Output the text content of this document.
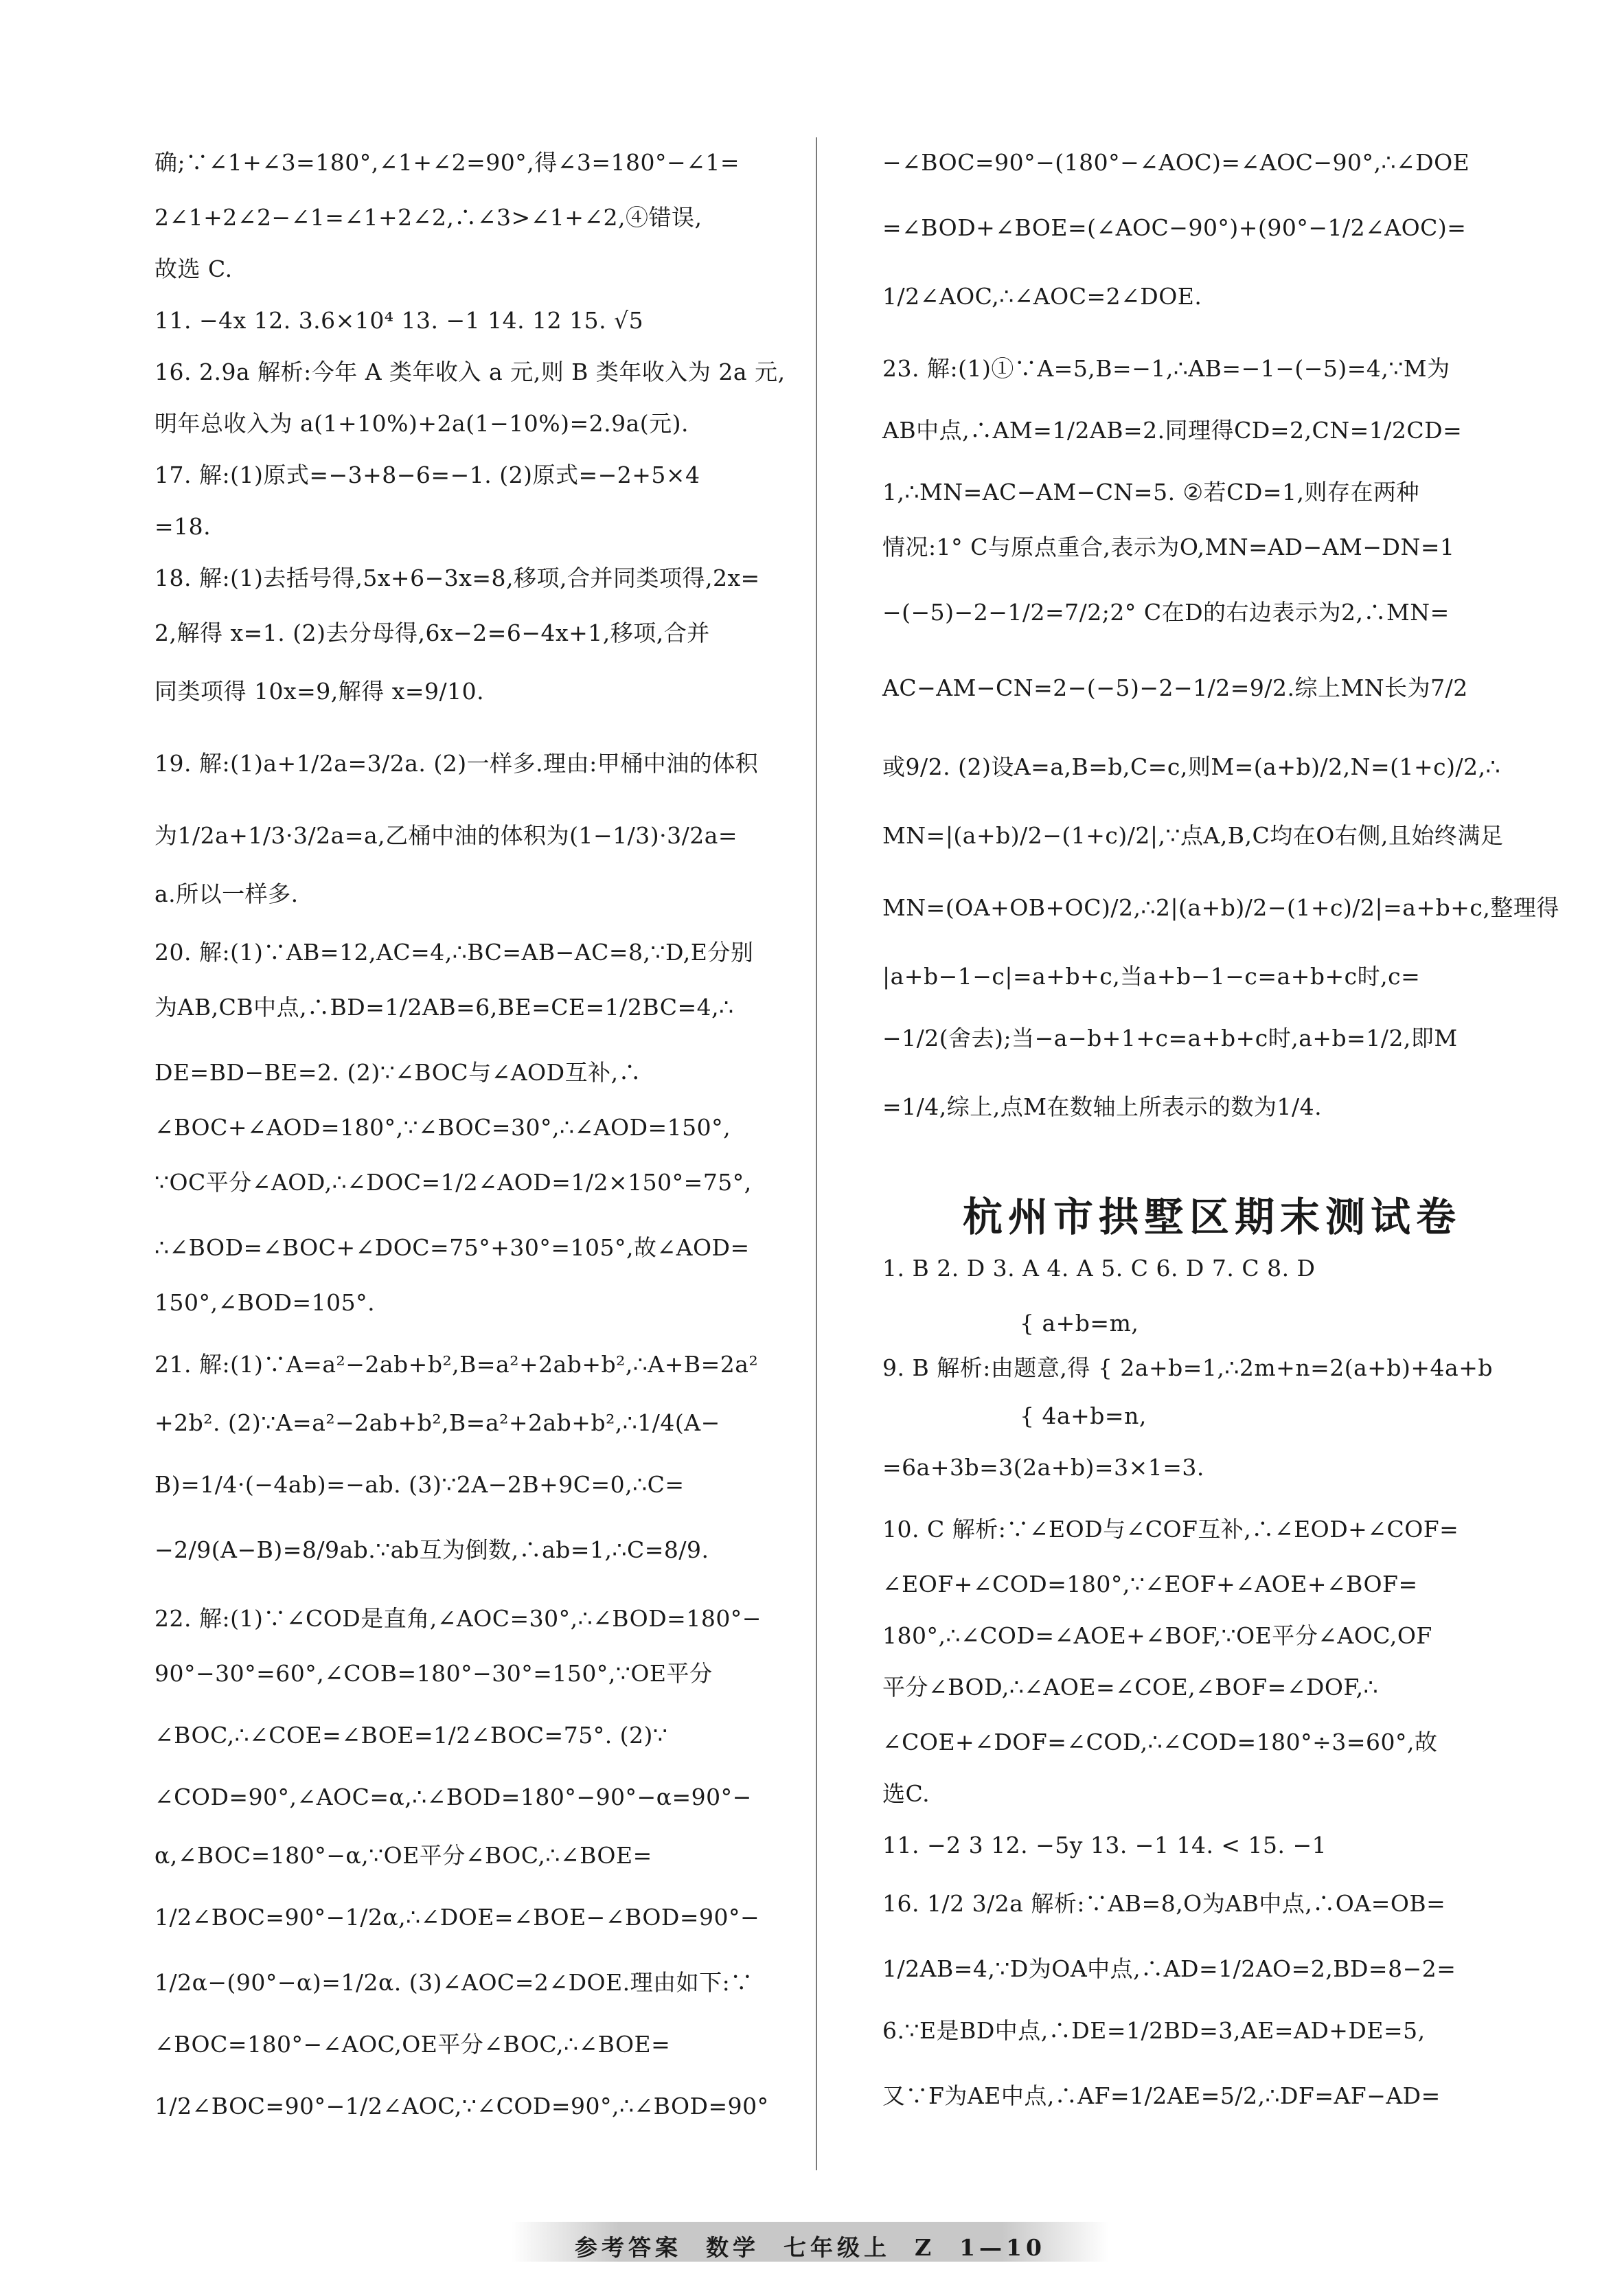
确;∵∠1+∠3=180°,∠1+∠2=90°,得∠3=180°−∠1=
2∠1+2∠2−∠1=∠1+2∠2,∴∠3>∠1+∠2,④错误,
故选 C.
11. −4x 12. 3.6×10⁴ 13. −1 14. 12 15. √5
16. 2.9a 解析:今年 A 类年收入 a 元,则 B 类年收入为 2a 元,
明年总收入为 a(1+10%)+2a(1−10%)=2.9a(元).
17. 解:(1)原式=−3+8−6=−1. (2)原式=−2+5×4
=18.
18. 解:(1)去括号得,5x+6−3x=8,移项,合并同类项得,2x=
2,解得 x=1. (2)去分母得,6x−2=6−4x+1,移项,合并
同类项得 10x=9,解得 x=9/10.
19. 解:(1)a+1/2a=3/2a. (2)一样多.理由:甲桶中油的体积
为1/2a+1/3·3/2a=a,乙桶中油的体积为(1−1/3)·3/2a=
a.所以一样多.
20. 解:(1)∵AB=12,AC=4,∴BC=AB−AC=8,∵D,E分别
为AB,CB中点,∴BD=1/2AB=6,BE=CE=1/2BC=4,∴
DE=BD−BE=2. (2)∵∠BOC与∠AOD互补,∴
∠BOC+∠AOD=180°,∵∠BOC=30°,∴∠AOD=150°,
∵OC平分∠AOD,∴∠DOC=1/2∠AOD=1/2×150°=75°,
∴∠BOD=∠BOC+∠DOC=75°+30°=105°,故∠AOD=
150°,∠BOD=105°.
21. 解:(1)∵A=a²−2ab+b²,B=a²+2ab+b²,∴A+B=2a²
+2b². (2)∵A=a²−2ab+b²,B=a²+2ab+b²,∴1/4(A−
B)=1/4·(−4ab)=−ab. (3)∵2A−2B+9C=0,∴C=
−2/9(A−B)=8/9ab.∵ab互为倒数,∴ab=1,∴C=8/9.
22. 解:(1)∵∠COD是直角,∠AOC=30°,∴∠BOD=180°−
90°−30°=60°,∠COB=180°−30°=150°,∵OE平分
∠BOC,∴∠COE=∠BOE=1/2∠BOC=75°. (2)∵
∠COD=90°,∠AOC=α,∴∠BOD=180°−90°−α=90°−
α,∠BOC=180°−α,∵OE平分∠BOC,∴∠BOE=
1/2∠BOC=90°−1/2α,∴∠DOE=∠BOE−∠BOD=90°−
1/2α−(90°−α)=1/2α. (3)∠AOC=2∠DOE.理由如下:∵
∠BOC=180°−∠AOC,OE平分∠BOC,∴∠BOE=
1/2∠BOC=90°−1/2∠AOC,∵∠COD=90°,∴∠BOD=90°
−∠BOC=90°−(180°−∠AOC)=∠AOC−90°,∴∠DOE
=∠BOD+∠BOE=(∠AOC−90°)+(90°−1/2∠AOC)=
1/2∠AOC,∴∠AOC=2∠DOE.
23. 解:(1)①∵A=5,B=−1,∴AB=−1−(−5)=4,∵M为
AB中点,∴AM=1/2AB=2.同理得CD=2,CN=1/2CD=
1,∴MN=AC−AM−CN=5. ②若CD=1,则存在两种
情况:1° C与原点重合,表示为O,MN=AD−AM−DN=1
−(−5)−2−1/2=7/2;2° C在D的右边表示为2,∴MN=
AC−AM−CN=2−(−5)−2−1/2=9/2.综上MN长为7/2
或9/2. (2)设A=a,B=b,C=c,则M=(a+b)/2,N=(1+c)/2,∴
MN=|(a+b)/2−(1+c)/2|,∵点A,B,C均在O右侧,且始终满足
MN=(OA+OB+OC)/2,∴2|(a+b)/2−(1+c)/2|=a+b+c,整理得
|a+b−1−c|=a+b+c,当a+b−1−c=a+b+c时,c=
−1/2(舍去);当−a−b+1+c=a+b+c时,a+b=1/2,即M
=1/4,综上,点M在数轴上所表示的数为1/4.
杭州市拱墅区期末测试卷
1. B 2. D 3. A 4. A 5. C 6. D 7. C 8. D
{ a+b=m,
9. B 解析:由题意,得 { 2a+b=1,∴2m+n=2(a+b)+4a+b
{ 4a+b=n,
=6a+3b=3(2a+b)=3×1=3.
10. C 解析:∵∠EOD与∠COF互补,∴∠EOD+∠COF=
∠EOF+∠COD=180°,∵∠EOF+∠AOE+∠BOF=
180°,∴∠COD=∠AOE+∠BOF,∵OE平分∠AOC,OF
平分∠BOD,∴∠AOE=∠COE,∠BOF=∠DOF,∴
∠COE+∠DOF=∠COD,∴∠COD=180°÷3=60°,故
选C.
11. −2 3 12. −5y 13. −1 14. < 15. −1
16. 1/2 3/2a 解析:∵AB=8,O为AB中点,∴OA=OB=
1/2AB=4,∵D为OA中点,∴AD=1/2AO=2,BD=8−2=
6.∵E是BD中点,∴DE=1/2BD=3,AE=AD+DE=5,
又∵F为AE中点,∴AF=1/2AE=5/2,∴DF=AF−AD=
参考答案 数学 七年级上 Z 1—10
